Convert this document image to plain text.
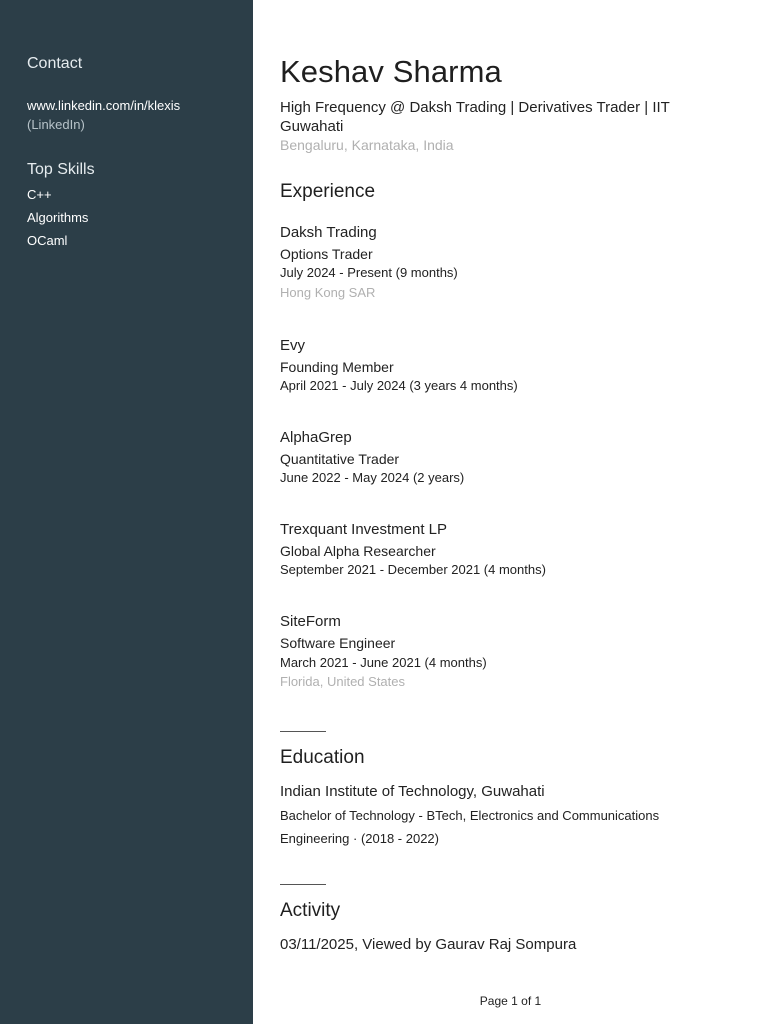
Contact
www.linkedin.com/in/klexis
(LinkedIn)
Top Skills
C++
Algorithms
OCaml
Keshav Sharma
High Frequency @ Daksh Trading | Derivatives Trader | IIT Guwahati
Bengaluru, Karnataka, India
Experience
Daksh Trading
Options Trader
July 2024 - Present (9 months)
Hong Kong SAR
Evy
Founding Member
April 2021 - July 2024 (3 years 4 months)
AlphaGrep
Quantitative Trader
June 2022 - May 2024 (2 years)
Trexquant Investment LP
Global Alpha Researcher
September 2021 - December 2021 (4 months)
SiteForm
Software Engineer
March 2021 - June 2021 (4 months)
Florida, United States
Education
Indian Institute of Technology, Guwahati
Bachelor of Technology - BTech, Electronics and Communications Engineering · (2018 - 2022)
Activity
03/11/2025, Viewed by Gaurav Raj Sompura
Page 1 of 1
